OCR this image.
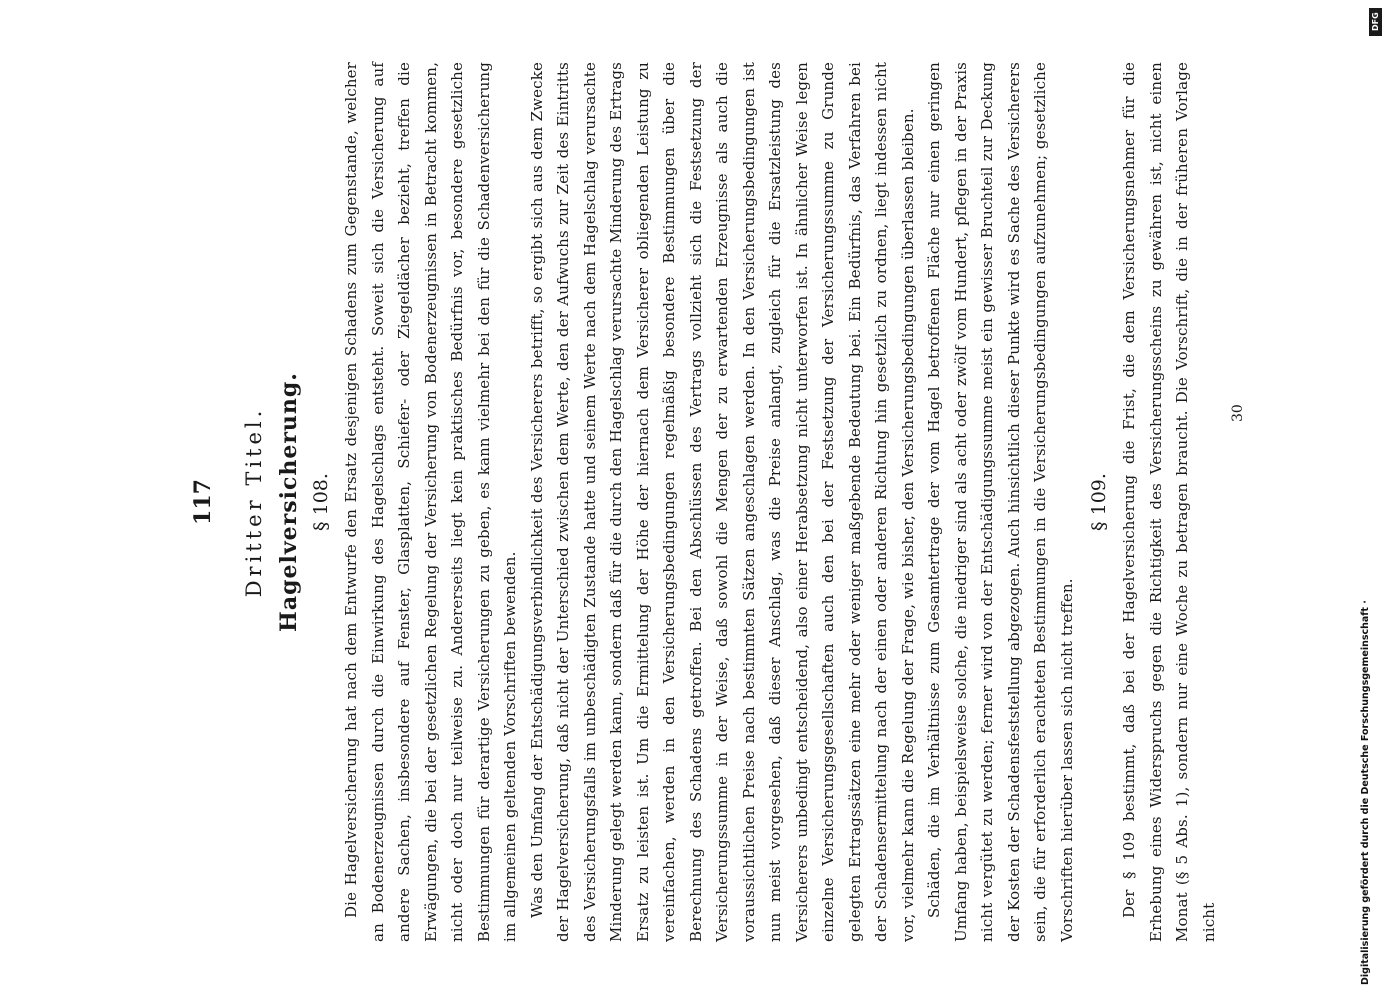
117 Dritter Titel. Hagelversicherung. § 108. Die Hagelversicherung hat nach dem Entwurfe den Ersatz desjenigen Schadens zum Gegenstande, welcher an Bodenerzeugnissen durch die Einwirkung des Hagelschlags entsteht. Soweit sich die Versicherung auf andere Sachen, insbesondere auf Fenster, Glasplatten, Schiefer- oder Ziegeldächer bezieht, treffen die Erwägungen, die bei der gesetzlichen Regelung der Versicherung von Bodenerzeugnissen in Betracht kommen, nicht oder doch nur teilweise zu. Andererseits liegt kein praktisches Bedürfnis vor, besondere gesetzliche Bestimmungen für derartige Versicherungen zu geben, es kann vielmehr bei den für die Schadenversicherung im allgemeinen geltenden Vorschriften bewenden. Was den Umfang der Entschädigungsverbindlichkeit des Versicherers betrifft, so ergibt sich aus dem Zwecke der Hagelversicherung, daß nicht der Unterschied zwischen dem Werte, den der Aufwuchs zur Zeit des Eintritts des Versicherungsfalls im unbeschädigten Zustande hatte und seinem Werte nach dem Hagelschlag verursachte Minderung gelegt werden kann, sondern daß für die durch den Hagelschlag verursachte Minderung des Ertrags Ersatz zu leisten ist. Um die Ermittelung der Höhe der hiernach dem Versicherer obliegenden Leistung zu vereinfachen, werden in den Versicherungsbedingungen regelmäßig besondere Bestimmungen über die Berechnung des Schadens getroffen. Bei den Abschlüssen des Vertrags vollzieht sich die Festsetzung der Versicherungssumme in der Weise, daß sowohl die Mengen der zu erwartenden Erzeugnisse als auch die voraussichtlichen Preise nach bestimmten Sätzen angeschlagen werden. In den Versicherungsbedingungen ist nun meist vorgesehen, daß dieser Anschlag, was die Preise anlangt, zugleich für die Ersatzleistung des Versicherers unbedingt entscheidend, also einer Herabsetzung nicht unterworfen ist. In ähnlicher Weise legen einzelne Versicherungsgesellschaften auch den bei der Festsetzung der Versicherungssumme zu Grunde gelegten Ertragssätzen eine mehr oder weniger maßgebende Bedeutung bei. Ein Bedürfnis, das Verfahren bei der Schadensermittelung nach der einen oder anderen Richtung hin gesetzlich zu ordnen, liegt indessen nicht vor, vielmehr kann die Regelung der Frage, wie bisher, den Versicherungsbedingungen überlassen bleiben. Schäden, die im Verhältnisse zum Gesamtertrage der vom Hagel betroffenen Fläche nur einen geringen Umfang haben, beispielsweise solche, die niedriger sind als acht oder zwölf vom Hundert, pflegen in der Praxis nicht vergütet zu werden; ferner wird von der Entschädigungssumme meist ein gewisser Bruchteil zur Deckung der Kosten der Schadensfeststellung abgezogen. Auch hinsichtlich dieser Punkte wird es Sache des Versicherers sein, die für erforderlich erachteten Bestimmungen in die Versicherungsbedingungen aufzunehmen; gesetzliche Vorschriften hierüber lassen sich nicht treffen.

§ 109. Der § 109 bestimmt, daß bei der Hagelversicherung die Frist, die dem Versicherungsnehmer für die Erhebung eines Widerspruchs gegen die Richtigkeit des Versicherungsscheins zu gewähren ist, nicht einen Monat (§ 5 Abs. 1), sondern nur eine Woche zu betragen braucht. Die Vorschrift, die in der früheren Vorlage nicht

30
Digitalisierung gefördert durch die Deutsche Forschungsgemeinschaft ·
DFG
